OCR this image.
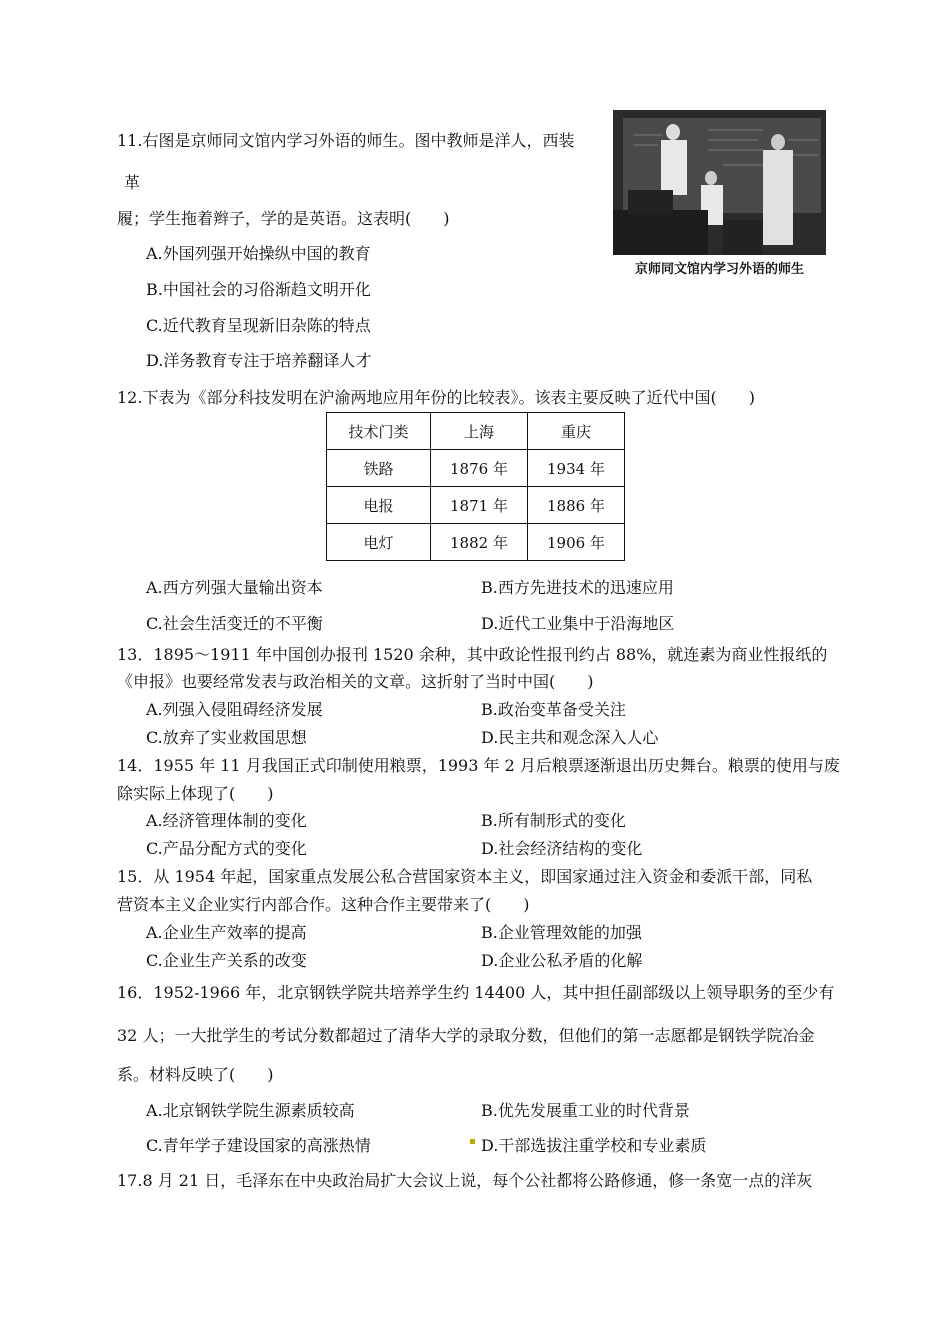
11.右图是京师同文馆内学习外语的师生。图中教师是洋人，西装
革
履；学生拖着辫子，学的是英语。这表明(　　)
A.外国列强开始操纵中国的教育
B.中国社会的习俗渐趋文明开化
C.近代教育呈现新旧杂陈的特点
D.洋务教育专注于培养翻译人才
京师同文馆内学习外语的师生
12.下表为《部分科技发明在沪渝两地应用年份的比较表》。该表主要反映了近代中国(　　)
技术门类	上海	重庆
铁路	1876 年	1934 年
电报	1871 年	1886 年
电灯	1882 年	1906 年
A.西方列强大量输出资本	B.西方先进技术的迅速应用
C.社会生活变迁的不平衡	D.近代工业集中于沿海地区
13．1895～1911 年中国创办报刊 1520 余种，其中政论性报刊约占 88%，就连素为商业性报纸的
《申报》也要经常发表与政治相关的文章。这折射了当时中国(　　)
A.列强入侵阻碍经济发展	B.政治变革备受关注
C.放弃了实业救国思想	D.民主共和观念深入人心
14．1955 年 11 月我国正式印制使用粮票，1993 年 2 月后粮票逐渐退出历史舞台。粮票的使用与废
除实际上体现了(　　)
A.经济管理体制的变化	B.所有制形式的变化
C.产品分配方式的变化	D.社会经济结构的变化
15．从 1954 年起，国家重点发展公私合营国家资本主义，即国家通过注入资金和委派干部，同私
营资本主义企业实行内部合作。这种合作主要带来了(　　)
A.企业生产效率的提高	B.企业管理效能的加强
C.企业生产关系的改变	D.企业公私矛盾的化解
16．1952-1966 年，北京钢铁学院共培养学生约 14400 人，其中担任副部级以上领导职务的至少有
32 人；一大批学生的考试分数都超过了清华大学的录取分数，但他们的第一志愿都是钢铁学院冶金
系。材料反映了(　　)
A.北京钢铁学院生源素质较高	B.优先发展重工业的时代背景
C.青年学子建设国家的高涨热情	D.干部选拔注重学校和专业素质
17.8 月 21 日，毛泽东在中央政治局扩大会议上说，每个公社都将公路修通，修一条宽一点的洋灰
